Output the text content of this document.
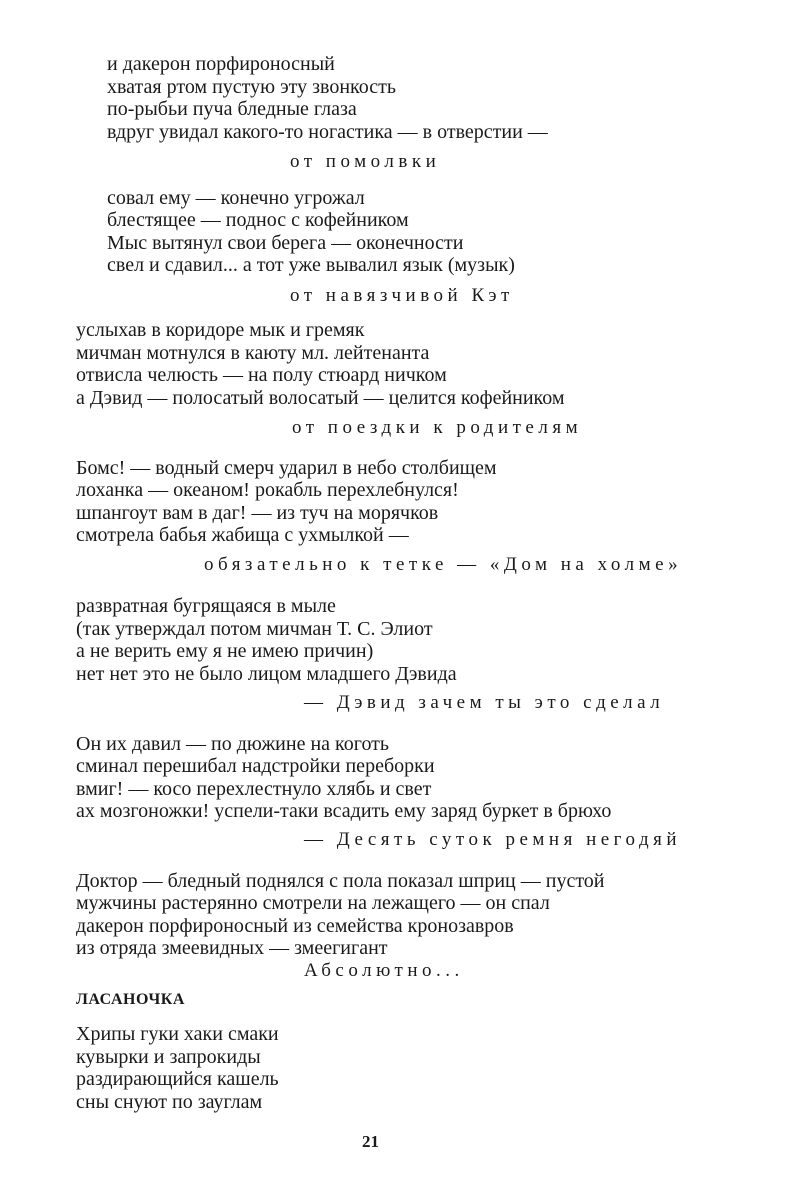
и дакерон порфироносный
хватая ртом пустую эту звонкость
по-рыбьи пуча бледные глаза
вдруг увидал какого-то ногастика — в отверстии —
от помолвки
совал ему — конечно угрожал
блестящее — поднос с кофейником
Мыс вытянул свои берега — оконечности
свел и сдавил... а тот уже вывалил язык (музык)
от навязчивой Кэт
услыхав в коридоре мык и гремяк
мичман мотнулся в каюту мл. лейтенанта
отвисла челюсть — на полу стюард ничком
а Дэвид — полосатый волосатый — целится кофейником
от поездки к родителям
Бомс! — водный смерч ударил в небо столбищем
лоханка — океаном! рокабль перехлебнулся!
шпангоут вам в даг! — из туч на морячков
смотрела бабья жабища с ухмылкой —
обязательно к тетке — «Дом на холме»
развратная бугрящаяся в мыле
(так утверждал потом мичман Т. С. Элиот
а не верить ему я не имею причин)
нет нет это не было лицом младшего Дэвида
— Дэвид зачем ты это сделал
Он их давил — по дюжине на коготь
сминал перешибал надстройки переборки
вмиг! — косо перехлестнуло хлябь и свет
ах мозгоножки! успели-таки всадить ему заряд буркет в брюхо
— Десять суток ремня негодяй
Доктор — бледный поднялся с пола показал шприц — пустой
мужчины растерянно смотрели на лежащего — он спал
дакерон порфироносный из семейства кронозавров
из отряда змеевидных — змеегигант
Абсолютно...
ЛАСАНОЧКА
Хрипы гуки хаки смаки
кувырки и запрокиды
раздирающийся кашель
сны снуют по зауглам
21
